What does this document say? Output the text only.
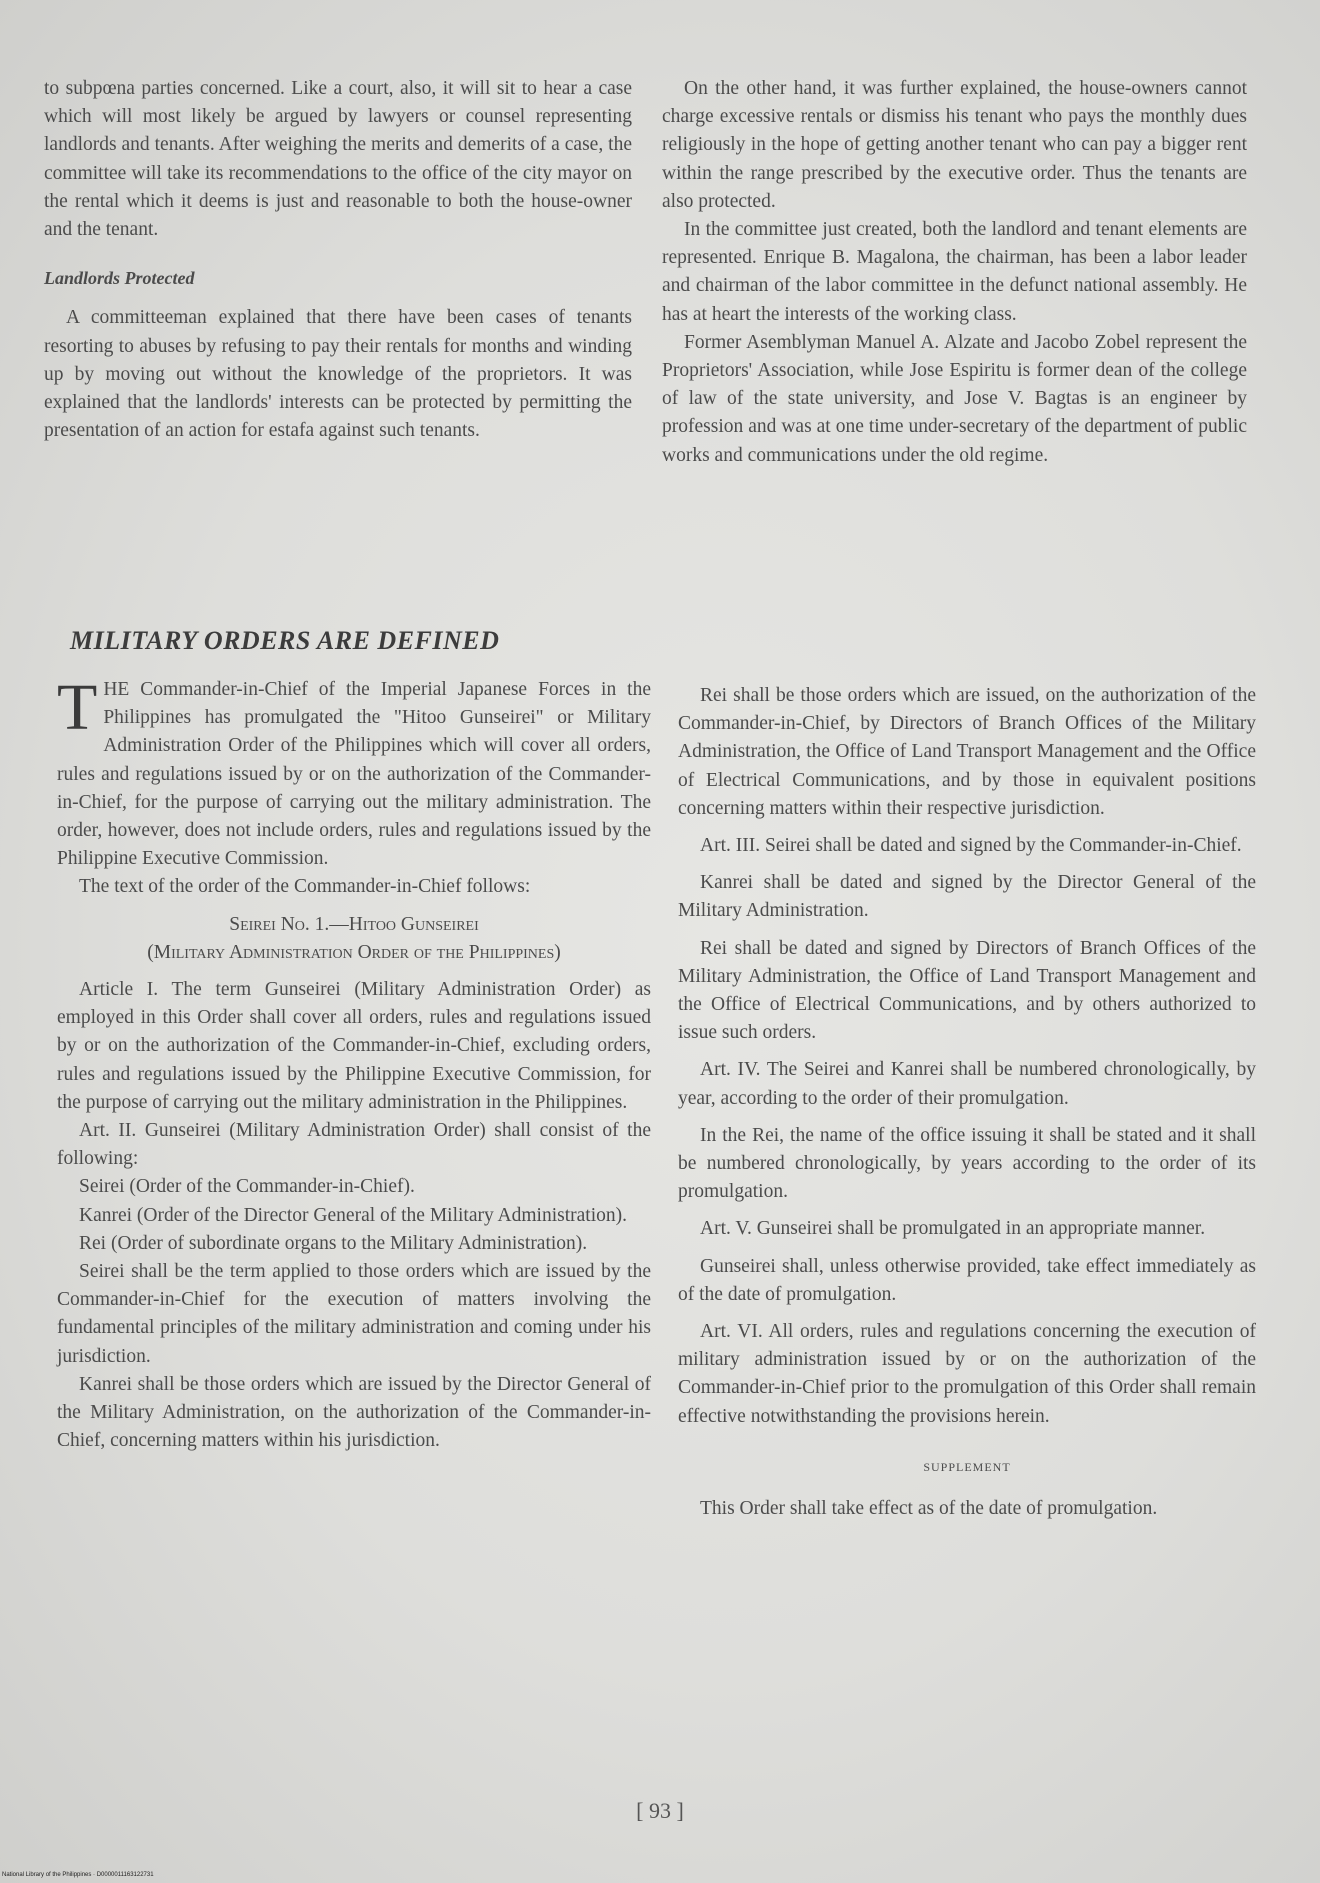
to subpœna parties concerned. Like a court, also, it will sit to hear a case which will most likely be argued by lawyers or counsel representing landlords and tenants. After weighing the merits and demerits of a case, the committee will take its recommendations to the office of the city mayor on the rental which it deems is just and reasonable to both the house-owner and the tenant.

Landlords Protected

A committeeman explained that there have been cases of tenants resorting to abuses by refusing to pay their rentals for months and winding up by moving out without the knowledge of the proprietors. It was explained that the landlords' interests can be protected by permitting the presentation of an action for estafa against such tenants.

On the other hand, it was further explained, the house-owners cannot charge excessive rentals or dismiss his tenant who pays the monthly dues religiously in the hope of getting another tenant who can pay a bigger rent within the range prescribed by the executive order. Thus the tenants are also protected.

In the committee just created, both the landlord and tenant elements are represented. Enrique B. Magalona, the chairman, has been a labor leader and chairman of the labor committee in the defunct national assembly. He has at heart the interests of the working class.

Former Asemblyman Manuel A. Alzate and Jacobo Zobel represent the Proprietors' Association, while Jose Espiritu is former dean of the college of law of the state university, and Jose V. Bagtas is an engineer by profession and was at one time under-secretary of the department of public works and communications under the old regime.

MILITARY ORDERS ARE DEFINED

THE Commander-in-Chief of the Imperial Japanese Forces in the Philippines has promulgated the "Hitoo Gunseirei" or Military Administration Order of the Philippines which will cover all orders, rules and regulations issued by or on the authorization of the Commander-in-Chief, for the purpose of carrying out the military administration. The order, however, does not include orders, rules and regulations issued by the Philippine Executive Commission.

The text of the order of the Commander-in-Chief follows:

Seirei No. 1.—Hitoo Gunseirei

(Military Administration Order of the Philippines)

Article I. The term Gunseirei (Military Administration Order) as employed in this Order shall cover all orders, rules and regulations issued by or on the authorization of the Commander-in-Chief, excluding orders, rules and regulations issued by the Philippine Executive Commission, for the purpose of carrying out the military administration in the Philippines.

Art. II. Gunseirei (Military Administration Order) shall consist of the following:

Seirei (Order of the Commander-in-Chief).

Kanrei (Order of the Director General of the Military Administration).

Rei (Order of subordinate organs to the Military Administration).

Seirei shall be the term applied to those orders which are issued by the Commander-in-Chief for the execution of matters involving the fundamental principles of the military administration and coming under his jurisdiction.

Kanrei shall be those orders which are issued by the Director General of the Military Administration, on the authorization of the Commander-in-Chief, concerning matters within his jurisdiction.

Rei shall be those orders which are issued, on the authorization of the Commander-in-Chief, by Directors of Branch Offices of the Military Administration, the Office of Land Transport Management and the Office of Electrical Communications, and by those in equivalent positions concerning matters within their respective jurisdiction.

Art. III. Seirei shall be dated and signed by the Commander-in-Chief.

Kanrei shall be dated and signed by the Director General of the Military Administration.

Rei shall be dated and signed by Directors of Branch Offices of the Military Administration, the Office of Land Transport Management and the Office of Electrical Communications, and by others authorized to issue such orders.

Art. IV. The Seirei and Kanrei shall be numbered chronologically, by year, according to the order of their promulgation.

In the Rei, the name of the office issuing it shall be stated and it shall be numbered chronologically, by years according to the order of its promulgation.

Art. V. Gunseirei shall be promulgated in an appropriate manner.

Gunseirei shall, unless otherwise provided, take effect immediately as of the date of promulgation.

Art. VI. All orders, rules and regulations concerning the execution of military administration issued by or on the authorization of the Commander-in-Chief prior to the promulgation of this Order shall remain effective notwithstanding the provisions herein.

SUPPLEMENT

This Order shall take effect as of the date of promulgation.

[ 93 ]
National Library of the Philippines · D0000011163122731
